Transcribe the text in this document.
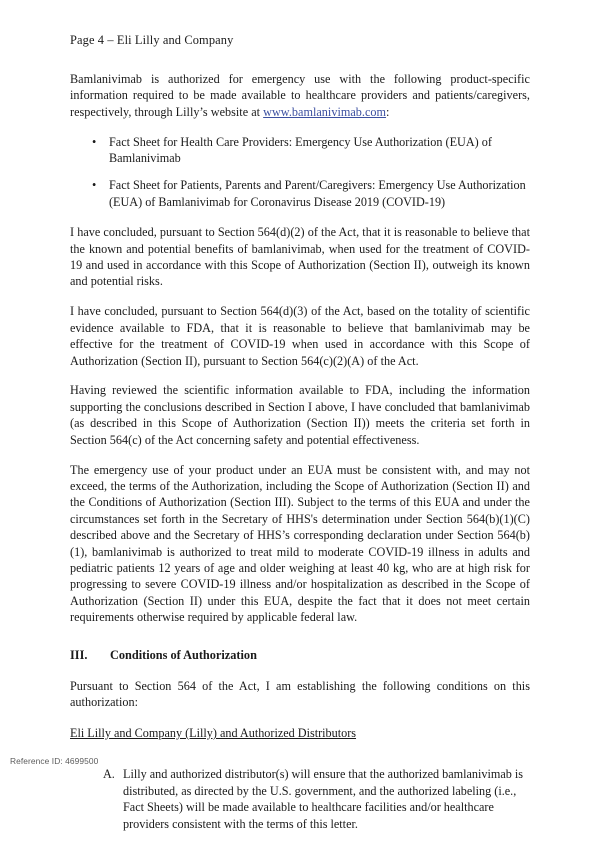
Page 4 – Eli Lilly and Company

Bamlanivimab is authorized for emergency use with the following product-specific information required to be made available to healthcare providers and patients/caregivers, respectively, through Lilly’s website at www.bamlanivimab.com:

• Fact Sheet for Health Care Providers: Emergency Use Authorization (EUA) of Bamlanivimab
• Fact Sheet for Patients, Parents and Parent/Caregivers: Emergency Use Authorization (EUA) of Bamlanivimab for Coronavirus Disease 2019 (COVID-19)

I have concluded, pursuant to Section 564(d)(2) of the Act, that it is reasonable to believe that the known and potential benefits of bamlanivimab, when used for the treatment of COVID-19 and used in accordance with this Scope of Authorization (Section II), outweigh its known and potential risks.

I have concluded, pursuant to Section 564(d)(3) of the Act, based on the totality of scientific evidence available to FDA, that it is reasonable to believe that bamlanivimab may be effective for the treatment of COVID-19 when used in accordance with this Scope of Authorization (Section II), pursuant to Section 564(c)(2)(A) of the Act.

Having reviewed the scientific information available to FDA, including the information supporting the conclusions described in Section I above, I have concluded that bamlanivimab (as described in this Scope of Authorization (Section II)) meets the criteria set forth in Section 564(c) of the Act concerning safety and potential effectiveness.

The emergency use of your product under an EUA must be consistent with, and may not exceed, the terms of the Authorization, including the Scope of Authorization (Section II) and the Conditions of Authorization (Section III). Subject to the terms of this EUA and under the circumstances set forth in the Secretary of HHS's determination under Section 564(b)(1)(C) described above and the Secretary of HHS’s corresponding declaration under Section 564(b)(1), bamlanivimab is authorized to treat mild to moderate COVID-19 illness in adults and pediatric patients 12 years of age and older weighing at least 40 kg, who are at high risk for progressing to severe COVID-19 illness and/or hospitalization as described in the Scope of Authorization (Section II) under this EUA, despite the fact that it does not meet certain requirements otherwise required by applicable federal law.

III.	Conditions of Authorization

Pursuant to Section 564 of the Act, I am establishing the following conditions on this authorization:

Eli Lilly and Company (Lilly) and Authorized Distributors
A. Lilly and authorized distributor(s) will ensure that the authorized bamlanivimab is distributed, as directed by the U.S. government, and the authorized labeling (i.e., Fact Sheets) will be made available to healthcare facilities and/or healthcare providers consistent with the terms of this letter.
Reference ID: 4699500
